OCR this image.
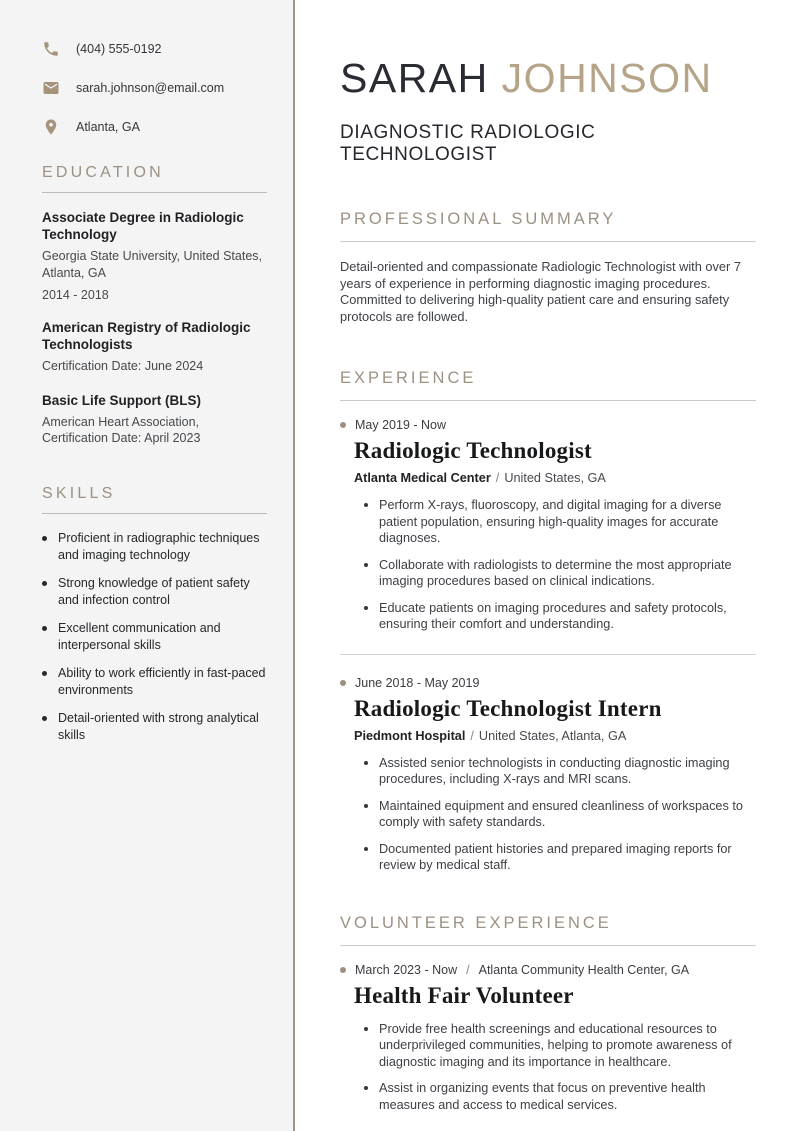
(404) 555-0192
sarah.johnson@email.com
Atlanta, GA
EDUCATION
Associate Degree in Radiologic Technology
Georgia State University, United States, Atlanta, GA
2014 - 2018
American Registry of Radiologic Technologists
Certification Date: June 2024
Basic Life Support (BLS)
American Heart Association, Certification Date: April 2023
SKILLS
Proficient in radiographic techniques and imaging technology
Strong knowledge of patient safety and infection control
Excellent communication and interpersonal skills
Ability to work efficiently in fast-paced environments
Detail-oriented with strong analytical skills
SARAH JOHNSON
DIAGNOSTIC RADIOLOGIC TECHNOLOGIST
PROFESSIONAL SUMMARY

Detail-oriented and compassionate Radiologic Technologist with over 7 years of experience in performing diagnostic imaging procedures. Committed to delivering high-quality patient care and ensuring safety protocols are followed.

EXPERIENCE
May 2019 - Now
Radiologic Technologist
Atlanta Medical Center / United States, GA
Perform X-rays, fluoroscopy, and digital imaging for a diverse patient population, ensuring high-quality images for accurate diagnoses.
Collaborate with radiologists to determine the most appropriate imaging procedures based on clinical indications.
Educate patients on imaging procedures and safety protocols, ensuring their comfort and understanding.
June 2018 - May 2019
Radiologic Technologist Intern
Piedmont Hospital / United States, Atlanta, GA
Assisted senior technologists in conducting diagnostic imaging procedures, including X-rays and MRI scans.
Maintained equipment and ensured cleanliness of workspaces to comply with safety standards.
Documented patient histories and prepared imaging reports for review by medical staff.
VOLUNTEER EXPERIENCE
March 2023 - Now / Atlanta Community Health Center, GA
Health Fair Volunteer
Provide free health screenings and educational resources to underprivileged communities, helping to promote awareness of diagnostic imaging and its importance in healthcare.
Assist in organizing events that focus on preventive health measures and access to medical services.
